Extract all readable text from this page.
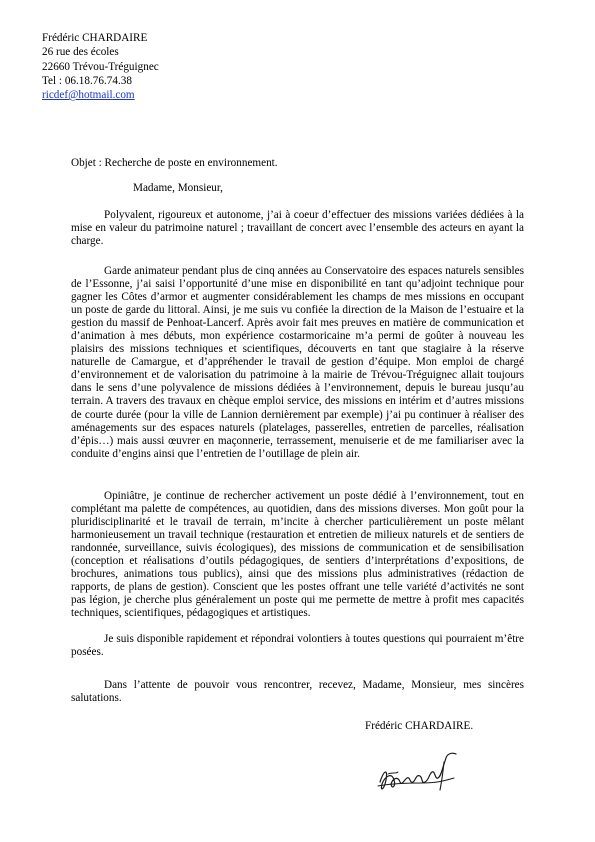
Frédéric CHARDAIRE
26 rue des écoles
22660 Trévou-Tréguignec
Tel : 06.18.76.74.38
ricdef@hotmail.com
Objet : Recherche de poste en environnement.
Madame, Monsieur,

Polyvalent, rigoureux et autonome, j’ai à coeur d’effectuer des missions variées dédiées à la mise en valeur du patrimoine naturel ; travaillant de concert avec l’ensemble des acteurs en ayant la charge.

Garde animateur pendant plus de cinq années au Conservatoire des espaces naturels sensibles de l’Essonne, j’ai saisi l’opportunité d’une mise en disponibilité en tant qu’adjoint technique pour gagner les Côtes d’armor et augmenter considérablement les champs de mes missions en occupant un poste de garde du littoral. Ainsi, je me suis vu confiée la direction de la Maison de l’estuaire et la gestion du massif de Penhoat-Lancerf. Après avoir fait mes preuves en matière de communication et d’animation à mes débuts, mon expérience costarmoricaine m’a permi de goûter à nouveau les plaisirs des missions techniques et scientifiques, découverts en tant que stagiaire à la réserve naturelle de Camargue, et d’appréhender le travail de gestion d’équipe. Mon emploi de chargé d’environnement et de valorisation du patrimoine à la mairie de Trévou-Tréguignec allait toujours dans le sens d’une polyvalence de missions dédiées à l’environnement, depuis le bureau jusqu’au terrain. A travers des travaux en chèque emploi service, des missions en intérim et d’autres missions de courte durée (pour la ville de Lannion dernièrement par exemple) j’ai pu continuer à réaliser des aménagements sur des espaces naturels (platelages, passerelles, entretien de parcelles, réalisation d’épis…) mais aussi œuvrer en maçonnerie, terrassement, menuiserie et de me familiariser avec la conduite d’engins ainsi que l’entretien de l’outillage de plein air.

Opiniâtre, je continue de rechercher activement un poste dédié à l’environnement, tout en complétant ma palette de compétences, au quotidien, dans des missions diverses. Mon goût pour la pluridisciplinarité et le travail de terrain, m’incite à chercher particulièrement un poste mêlant harmonieusement un travail technique (restauration et entretien de milieux naturels et de sentiers de randonnée, surveillance, suivis écologiques), des missions de communication et de sensibilisation (conception et réalisations d’outils pédagogiques, de sentiers d’interprétations d’expositions, de brochures, animations tous publics), ainsi que des missions plus administratives (rédaction de rapports, de plans de gestion). Conscient que les postes offrant une telle variété d’activités ne sont pas légion, je cherche plus généralement un poste qui me permette de mettre à profit mes capacités techniques, scientifiques, pédagogiques et artistiques.

Je suis disponible rapidement et répondrai volontiers à toutes questions qui pourraient m’être posées.

Dans l’attente de pouvoir vous rencontrer, recevez, Madame, Monsieur, mes sincères salutations.

Frédéric CHARDAIRE.
